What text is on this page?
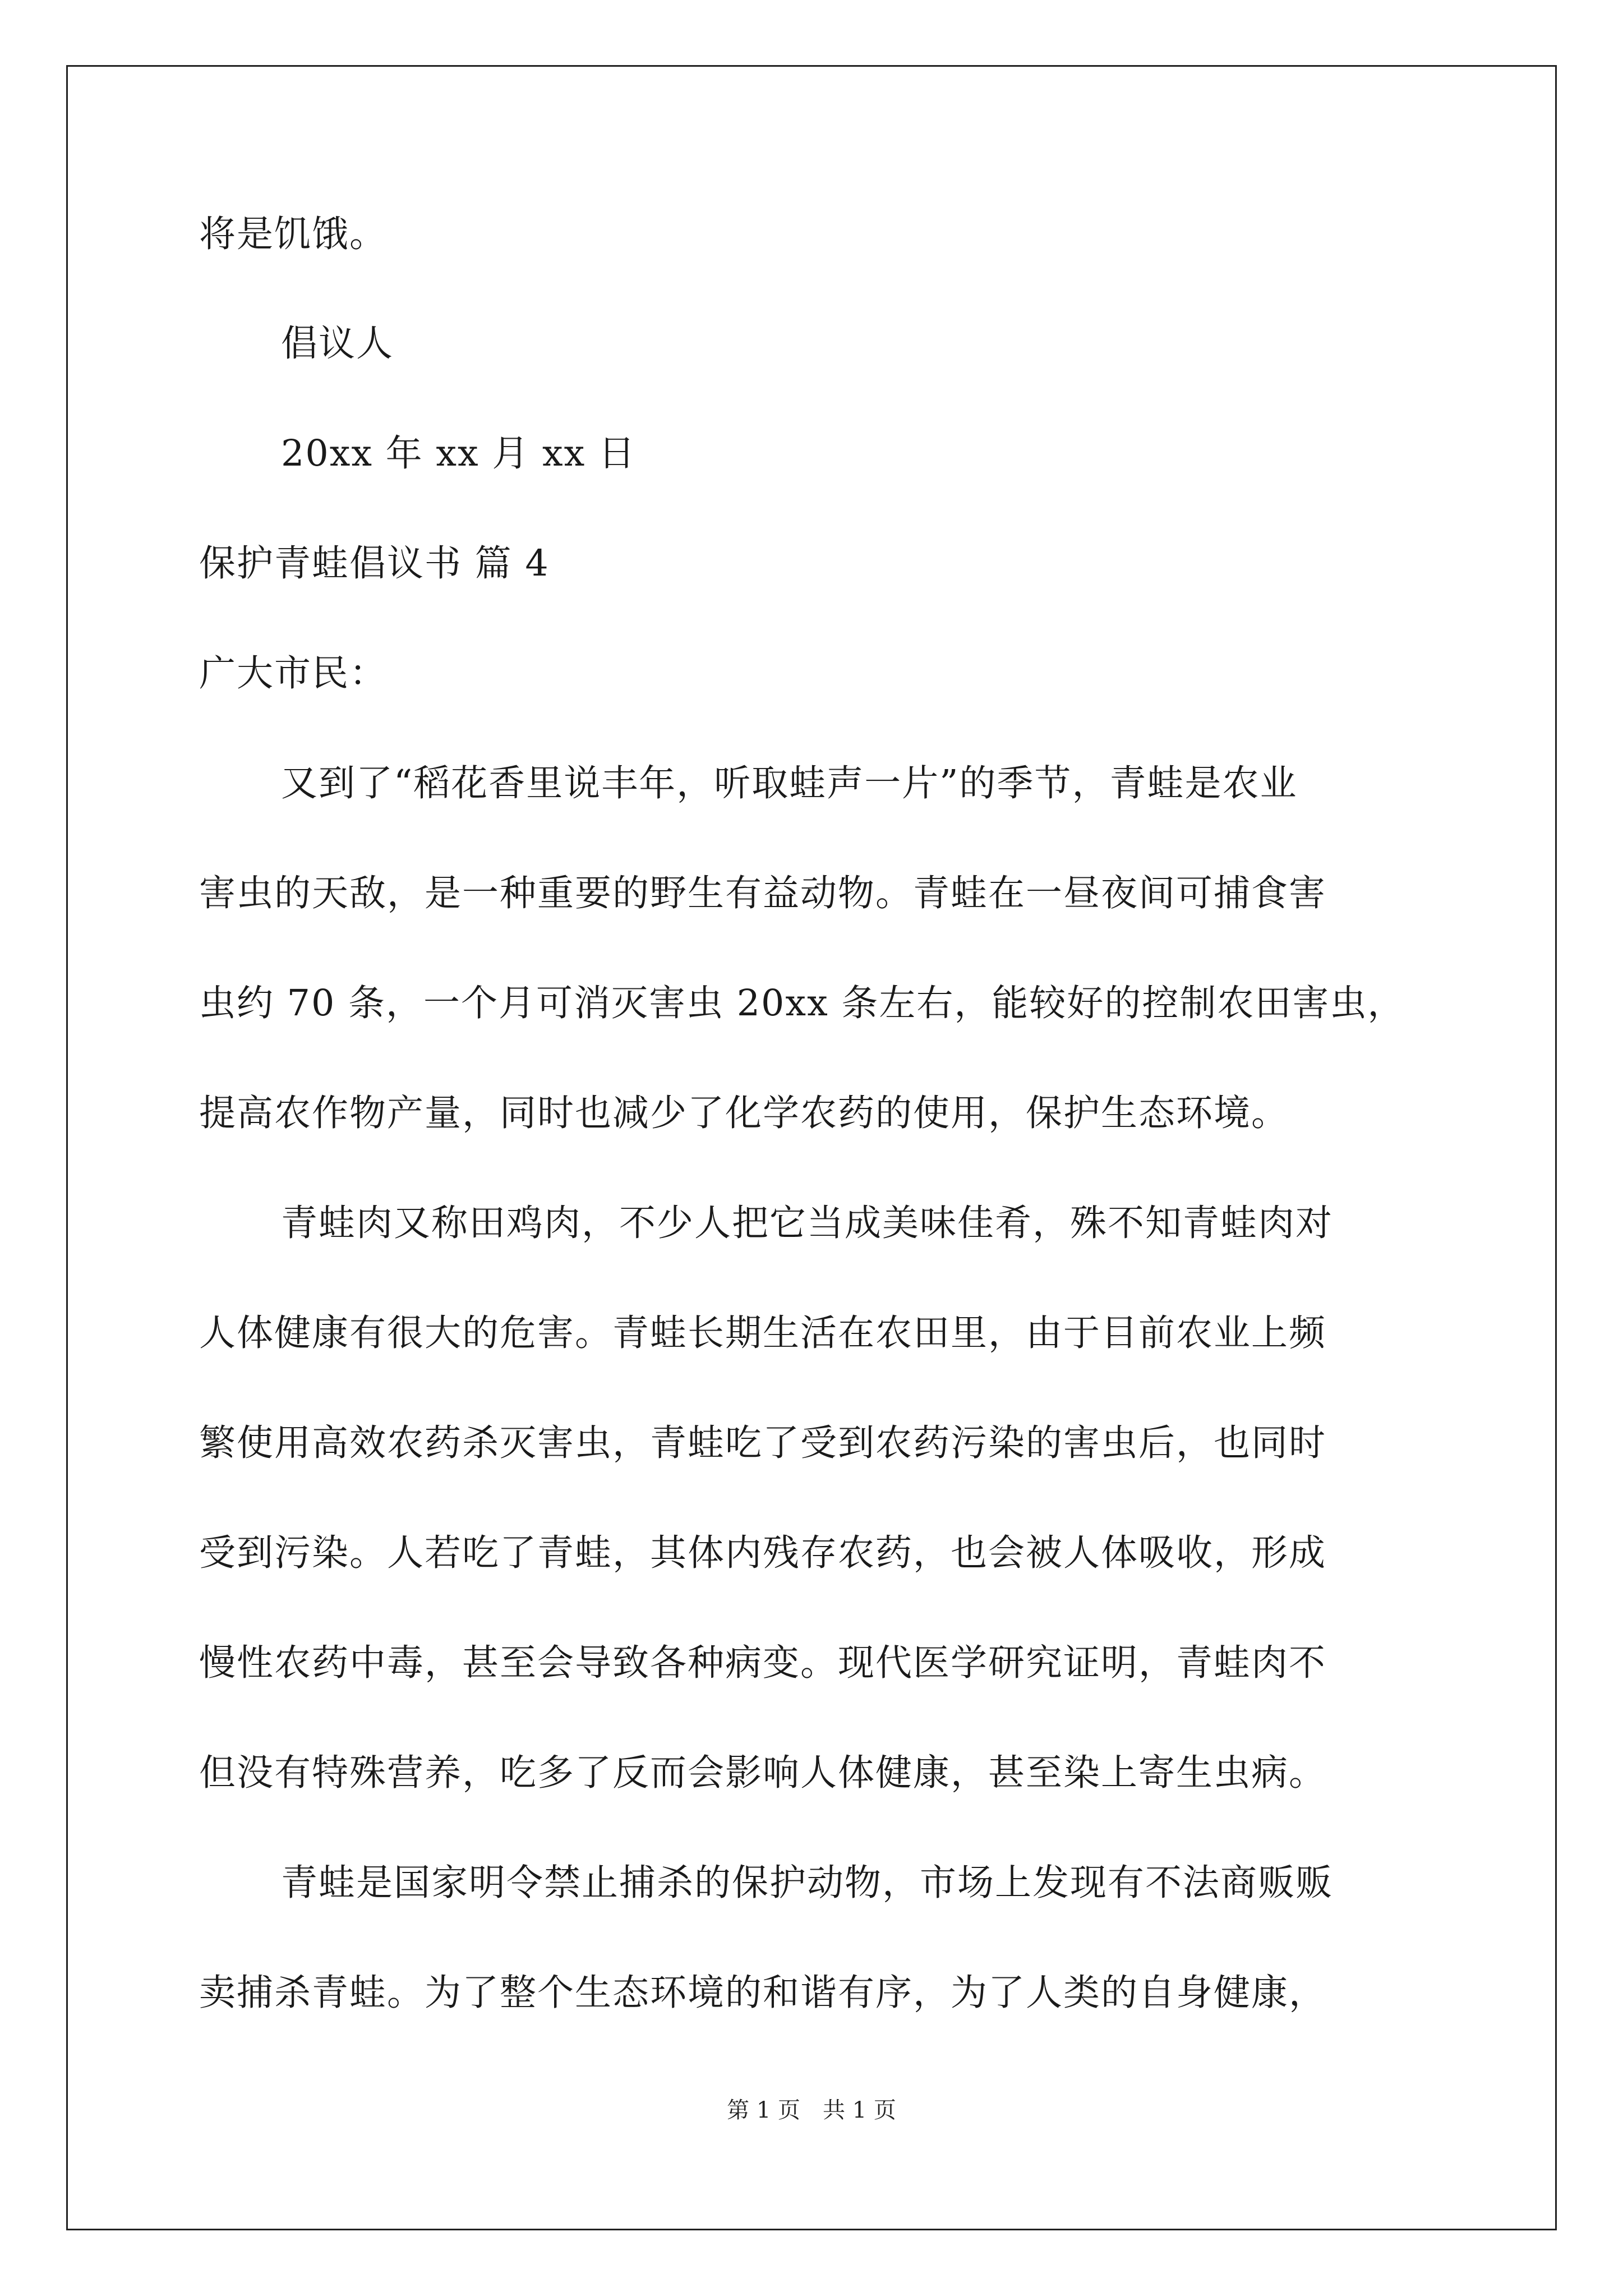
将是饥饿。
倡议人
20xx 年 xx 月 xx 日
保护青蛙倡议书 篇 4
广大市民：
又到了“稻花香里说丰年，听取蛙声一片”的季节，青蛙是农业
害虫的天敌，是一种重要的野生有益动物。青蛙在一昼夜间可捕食害
虫约 70 条，一个月可消灭害虫 20xx 条左右，能较好的控制农田害虫，
提高农作物产量，同时也减少了化学农药的使用，保护生态环境。
青蛙肉又称田鸡肉，不少人把它当成美味佳肴，殊不知青蛙肉对
人体健康有很大的危害。青蛙长期生活在农田里，由于目前农业上频
繁使用高效农药杀灭害虫，青蛙吃了受到农药污染的害虫后，也同时
受到污染。人若吃了青蛙，其体内残存农药，也会被人体吸收，形成
慢性农药中毒，甚至会导致各种病变。现代医学研究证明，青蛙肉不
但没有特殊营养，吃多了反而会影响人体健康，甚至染上寄生虫病。
青蛙是国家明令禁止捕杀的保护动物，市场上发现有不法商贩贩
卖捕杀青蛙。为了整个生态环境的和谐有序，为了人类的自身健康，
第 1 页 共 1 页
